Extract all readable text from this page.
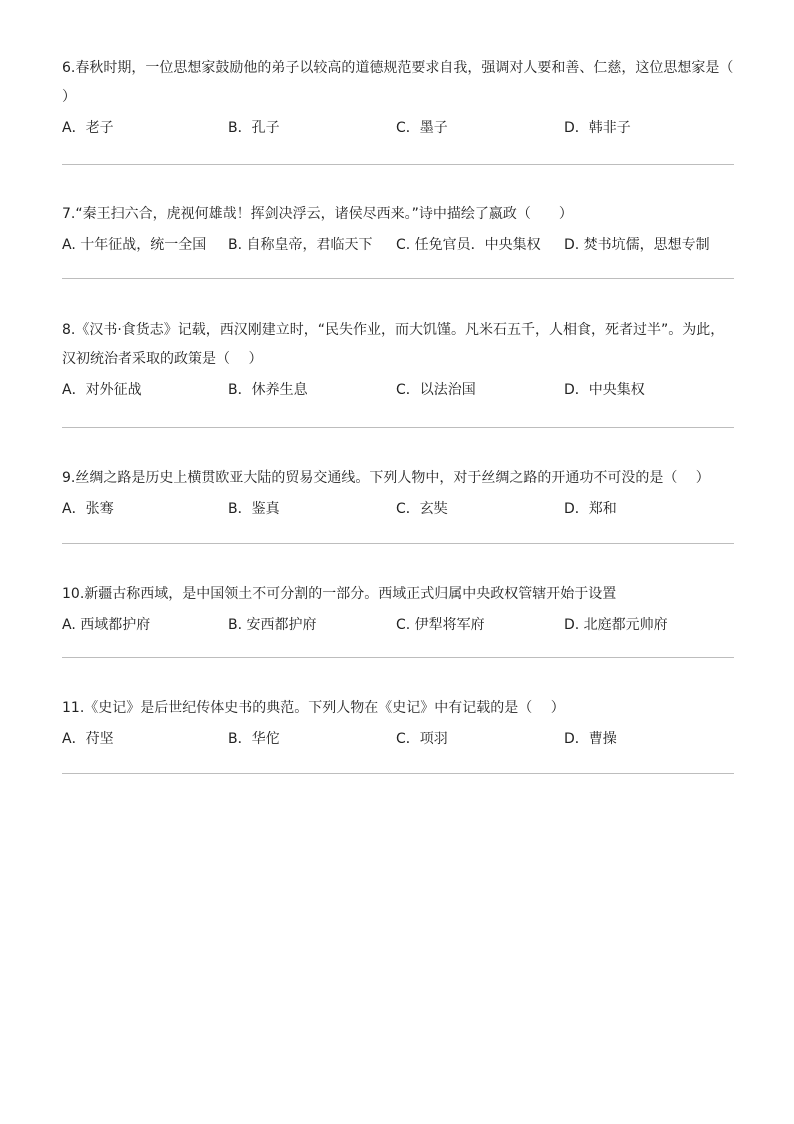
6.春秋时期，一位思想家鼓励他的弟子以较高的道德规范要求自我，强调对人要和善、仁慈，这位思想家是（ ）

A．老子	B．孔子	C．墨子	D．韩非子

7.“秦王扫六合，虎视何雄哉！挥剑决浮云，诸侯尽西来。”诗中描绘了嬴政（　　）

A. 十年征战，统一全国 B. 自称皇帝，君临天下 C. 任免官员．中央集权 D. 焚书坑儒，思想专制

8.《汉书·食货志》记载，西汉刚建立时，“民失作业，而大饥馑。凡米石五千，人相食，死者过半”。为此，汉初统治者采取的政策是（　 ）

A．对外征战	B．休养生息	C．以法治国	D．中央集权

9.丝绸之路是历史上横贯欧亚大陆的贸易交通线。下列人物中，对于丝绸之路的开通功不可没的是（　 ）

A．张骞	B．鉴真	C．玄奘	D．郑和

10.新疆古称西域，是中国领土不可分割的一部分。西域正式归属中央政权管辖开始于设置

A. 西域都护府	B. 安西都护府	C. 伊犁将军府	D. 北庭都元帅府

11.《史记》是后世纪传体史书的典范。下列人物在《史记》中有记载的是（　 ）

A．苻坚	B．华佗	C．项羽	D．曹操
